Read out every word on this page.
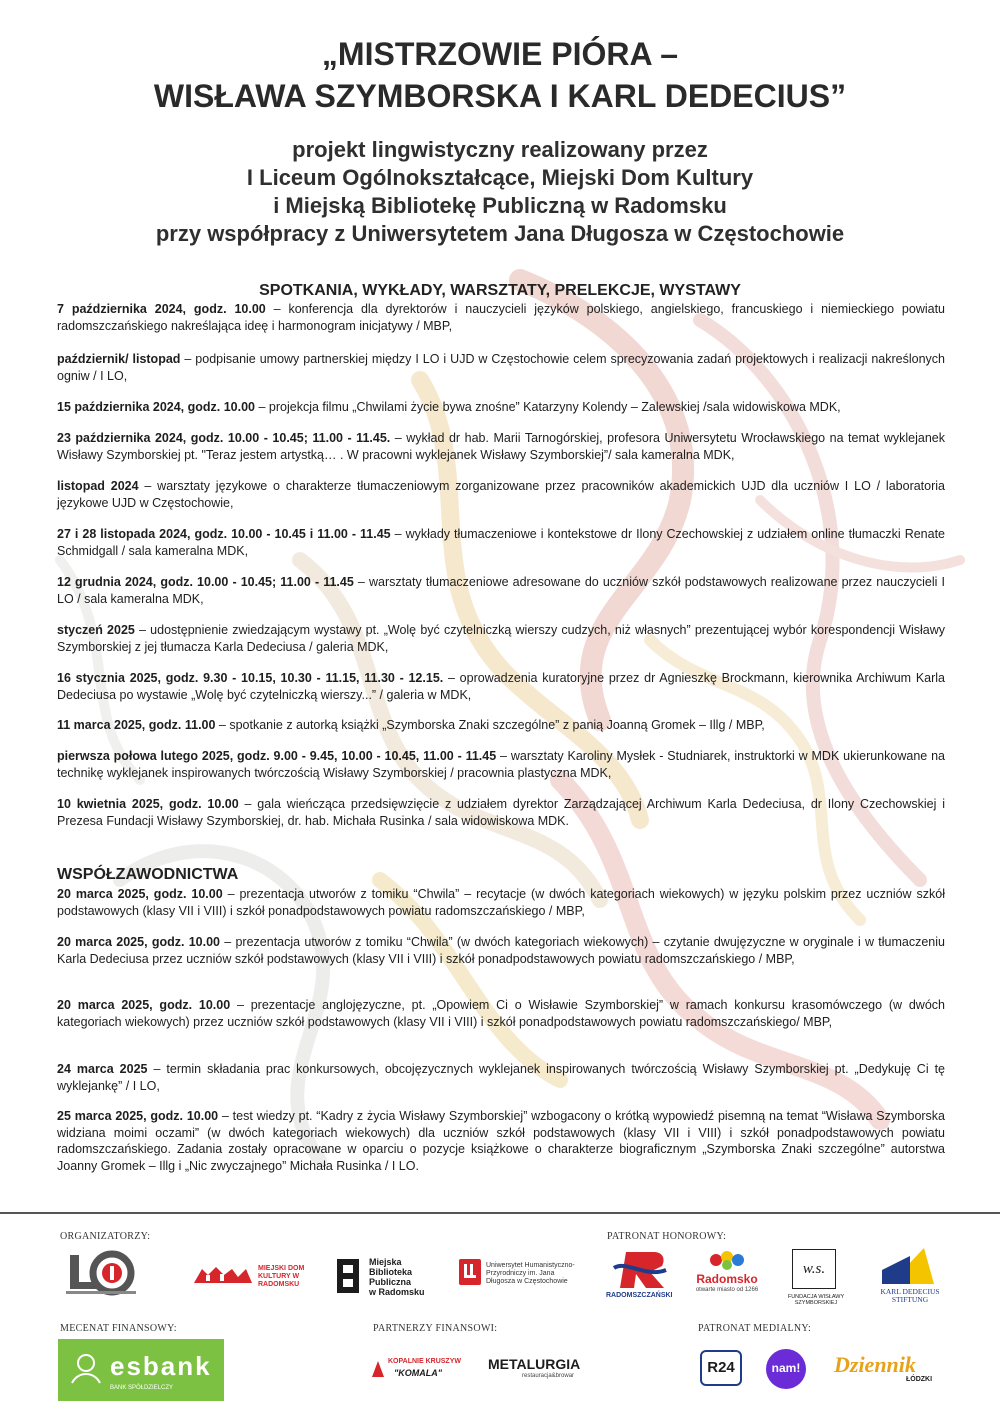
„MISTRZOWIE PIÓRA –
WISŁAWA SZYMBORSKA I KARL DEDECIUS”
projekt lingwistyczny realizowany przez
I Liceum Ogólnokształcące, Miejski Dom Kultury
i Miejską Bibliotekę Publiczną w Radomsku
przy współpracy z Uniwersytetem Jana Długosza w Częstochowie
SPOTKANIA, WYKŁADY, WARSZTATY, PRELEKCJE, WYSTAWY
7 października 2024, godz. 10.00 – konferencja dla dyrektorów i nauczycieli języków polskiego, angielskiego, francuskiego i niemieckiego powiatu radomszczańskiego nakreślająca ideę i harmonogram inicjatywy / MBP,
październik/ listopad – podpisanie umowy partnerskiej między I LO i UJD w Częstochowie celem sprecyzowania zadań projektowych i realizacji nakreślonych ogniw / I LO,
15 października 2024, godz. 10.00 – projekcja filmu „Chwilami życie bywa znośne” Katarzyny Kolendy – Zalewskiej /sala widowiskowa MDK,
23 października 2024, godz. 10.00 - 10.45; 11.00 - 11.45. – wykład dr hab. Marii Tarnogórskiej, profesora Uniwersytetu Wrocławskiego na temat wyklejanek Wisławy Szymborskiej pt. "Teraz jestem artystką… . W pracowni wyklejanek Wisławy Szymborskiej”/ sala kameralna MDK,
listopad 2024 – warsztaty językowe o charakterze tłumaczeniowym zorganizowane przez pracowników akademickich UJD dla uczniów I LO / laboratoria językowe UJD w Częstochowie,
27 i 28 listopada 2024, godz. 10.00 - 10.45 i 11.00 - 11.45 – wykłady tłumaczeniowe i kontekstowe dr Ilony Czechowskiej z udziałem online tłumaczki Renate Schmidgall / sala kameralna MDK,
12 grudnia 2024, godz. 10.00 - 10.45; 11.00 - 11.45 – warsztaty tłumaczeniowe adresowane do uczniów szkół podstawowych realizowane przez nauczycieli I LO / sala kameralna MDK,
styczeń 2025 – udostępnienie zwiedzającym wystawy pt. „Wolę być czytelniczką wierszy cudzych, niż własnych” prezentującej wybór korespondencji Wisławy Szymborskiej z jej tłumacza Karla Dedeciusa / galeria MDK,
16 stycznia 2025, godz. 9.30 - 10.15, 10.30 - 11.15, 11.30 - 12.15. – oprowadzenia kuratoryjne przez dr Agnieszkę Brockmann, kierownika Archiwum Karla Dedeciusa po wystawie „Wolę być czytelniczką wierszy...” / galeria w MDK,
11 marca 2025, godz. 11.00 – spotkanie z autorką książki „Szymborska Znaki szczególne” z panią Joanną Gromek – Illg / MBP,
pierwsza połowa lutego 2025, godz. 9.00 - 9.45, 10.00 - 10.45, 11.00 - 11.45 – warsztaty Karoliny Mysłek - Studniarek, instruktorki w MDK ukierunkowane na technikę wyklejanek inspirowanych twórczością Wisławy Szymborskiej / pracownia plastyczna MDK,
10 kwietnia 2025, godz. 10.00 – gala wieńcząca przedsięwzięcie z udziałem dyrektor Zarządzającej Archiwum Karla Dedeciusa, dr Ilony Czechowskiej i Prezesa Fundacji Wisławy Szymborskiej, dr. hab. Michała Rusinka / sala widowiskowa MDK.
WSPÓŁZAWODNICTWA
20 marca 2025, godz. 10.00 – prezentacja utworów z tomiku “Chwila” – recytacje (w dwóch kategoriach wiekowych) w języku polskim przez uczniów szkół podstawowych (klasy VII i VIII) i szkół ponadpodstawowych powiatu radomszczańskiego / MBP,
20 marca 2025, godz. 10.00 – prezentacja utworów z tomiku “Chwila” (w dwóch kategoriach wiekowych) – czytanie dwujęzyczne w oryginale i w tłumaczeniu Karla Dedeciusa przez uczniów szkół podstawowych (klasy VII i VIII) i szkół ponadpodstawowych powiatu radomszczańskiego / MBP,
20 marca 2025, godz. 10.00 – prezentacje anglojęzyczne, pt. „Opowiem Ci o Wisławie Szymborskiej” w ramach konkursu krasomówczego (w dwóch kategoriach wiekowych) przez uczniów szkół podstawowych (klasy VII i VIII) i szkół ponadpodstawowych powiatu radomszczańskiego/ MBP,
24 marca 2025 – termin składania prac konkursowych, obcojęzycznych wyklejanek inspirowanych twórczością Wisławy Szymborskiej pt. „Dedykuję Ci tę wyklejankę” / I LO,
25 marca 2025, godz. 10.00 – test wiedzy pt. “Kadry z życia Wisławy Szymborskiej” wzbogacony o krótką wypowiedź pisemną na temat “Wisława Szymborska widziana moimi oczami” (w dwóch kategoriach wiekowych) dla uczniów szkół podstawowych (klasy VII i VIII) i szkół ponadpodstawowych powiatu radomszczańskiego. Zadania zostały opracowane w oparciu o pozycje książkowe o charakterze biograficznym „Szymborska Znaki szczególne” autorstwa Joanny Gromek – Illg i „Nic zwyczajnego” Michała Rusinka / I LO.
ORGANIZATORZY:	PATRONAT HONOROWY:
MECENAT FINANSOWY:	PARTNERZY FINANSOWI:	PATRONAT MEDIALNY:
MIEJSKI DOM KULTURY W RADOMSKU
Miejska
Biblioteka
Publiczna
w Radomsku
Uniwersytet Humanistyczno-Przyrodniczy im. Jana Długosza w Częstochowie
RADOMSZCZAŃSKI
Radomsko
otwarte miasto od 1266
w.s.
FUNDACJA WISŁAWY SZYMBORSKIEJ
KARL DEDECIUS
STIFTUNG
esbank
BANK SPÓŁDZIELCZY
KOPALNIE KRUSZYW
"KOMALA"
METALURGIA
restauracja&browar	R24	nam! Dziennik
ŁÓDZKI
